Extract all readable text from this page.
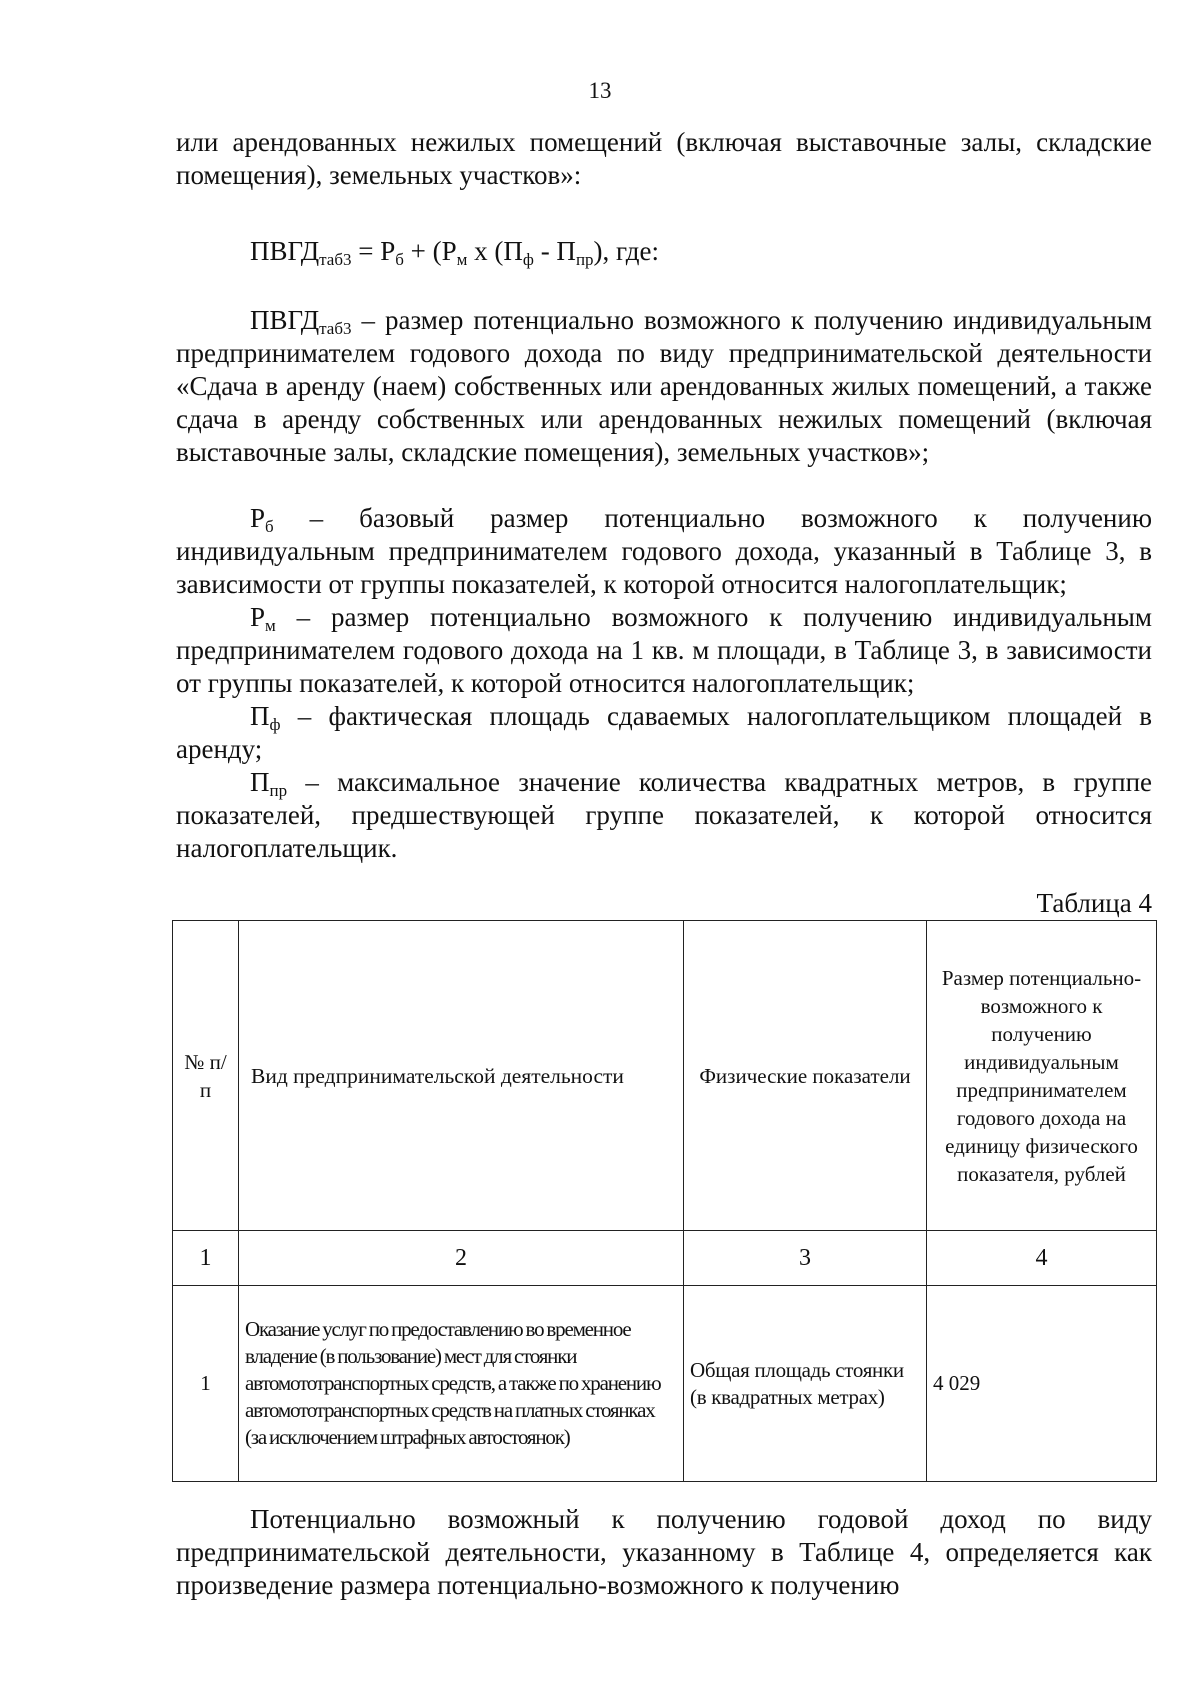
13
или арендованных нежилых помещений (включая выставочные залы, складские помещения), земельных участков»:
$ПВГД_{таб3} = Р_б + (Р_м$ х $(П_ф - П_{пр})$, где:
$ПВГД_{таб3}$ – размер потенциально возможного к получению индивидуальным предпринимателем годового дохода по виду предпринимательской деятельности «Сдача в аренду (наем) собственных или арендованных жилых помещений, а также сдача в аренду собственных или арендованных нежилых помещений (включая выставочные залы, складские помещения), земельных участков»;
$Р_б$ – базовый размер потенциально возможного к получению индивидуальным предпринимателем годового дохода, указанный в Таблице 3, в зависимости от группы показателей, к которой относится налогоплательщик;
$Р_м$ – размер потенциально возможного к получению индивидуальным предпринимателем годового дохода на 1 кв. м площади, в Таблице 3, в зависимости от группы показателей, к которой относится налогоплательщик;
$П_ф$ – фактическая площадь сдаваемых налогоплательщиком площадей в аренду;
$П_{пр}$ – максимальное значение количества квадратных метров, в группе показателей, предшествующей группе показателей, к которой относится налогоплательщик.
Таблица 4
№ п/п	Вид предпринимательской деятельности	Физические показатели	Размер потенциально-возможного к получению индивидуальным предпринимателем годового дохода на единицу физического показателя, рублей
1	2	3	4
1	Оказание услуг по предоставлению во временное владение (в пользование) мест для стоянки автомототранспортных средств, а также по хранению автомототранспортных средств на платных стоянках (за исключением штрафных автостоянок)	Общая площадь стоянки (в квадратных метрах)	4 029
Потенциально возможный к получению годовой доход по виду предпринимательской деятельности, указанному в Таблице 4, определяется как произведение размера потенциально-возможного к получению
